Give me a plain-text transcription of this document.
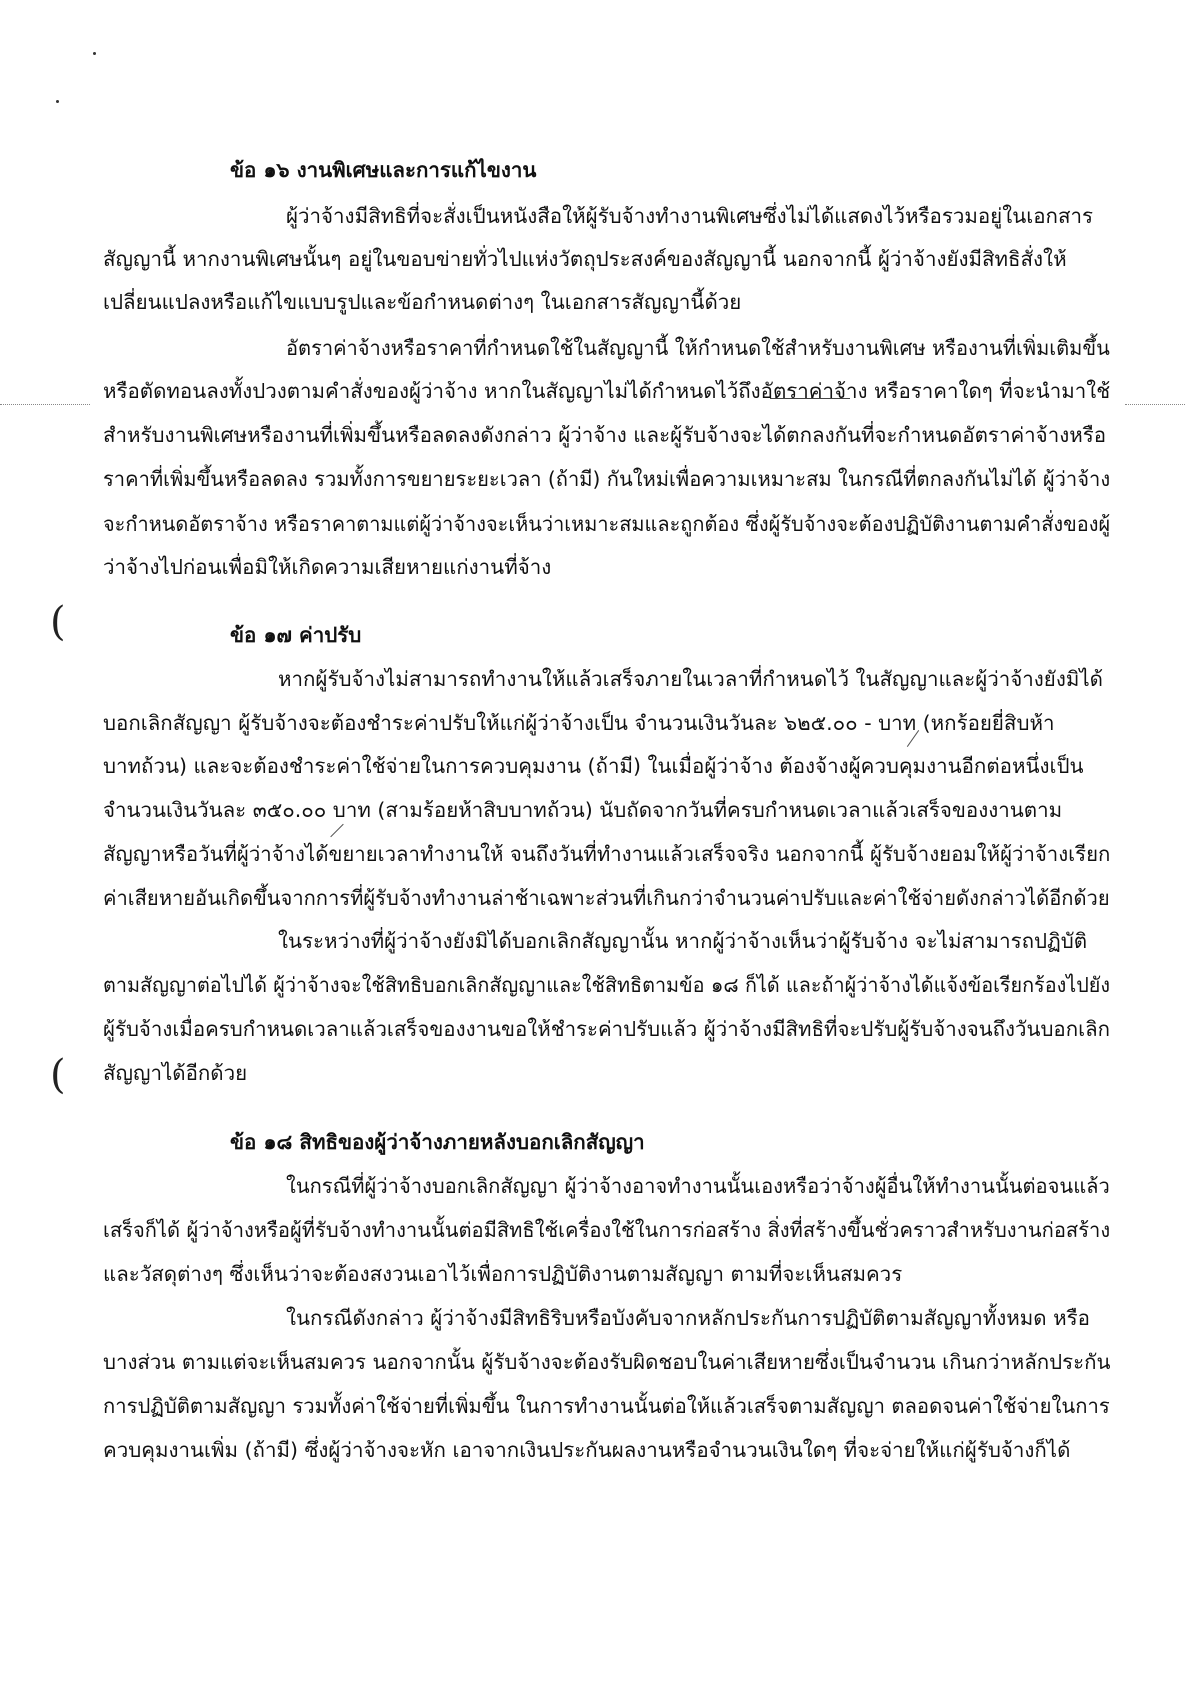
(
(
ข้อ ๑๖ งานพิเศษและการแก้ไขงาน
ผู้ว่าจ้างมีสิทธิที่จะสั่งเป็นหนังสือให้ผู้รับจ้างทำงานพิเศษซึ่งไม่ได้แสดงไว้หรือรวมอยู่ในเอกสาร
สัญญานี้ หากงานพิเศษนั้นๆ อยู่ในขอบข่ายทั่วไปแห่งวัตถุประสงค์ของสัญญานี้ นอกจากนี้ ผู้ว่าจ้างยังมีสิทธิสั่งให้
เปลี่ยนแปลงหรือแก้ไขแบบรูปและข้อกำหนดต่างๆ ในเอกสารสัญญานี้ด้วย
อัตราค่าจ้างหรือราคาที่กำหนดใช้ในสัญญานี้ ให้กำหนดใช้สำหรับงานพิเศษ หรืองานที่เพิ่มเติมขึ้น
หรือตัดทอนลงทั้งปวงตามคำสั่งของผู้ว่าจ้าง หากในสัญญาไม่ได้กำหนดไว้ถึงอัตราค่าจ้าง หรือราคาใดๆ ที่จะนำมาใช้
สำหรับงานพิเศษหรืองานที่เพิ่มขึ้นหรือลดลงดังกล่าว ผู้ว่าจ้าง และผู้รับจ้างจะได้ตกลงกันที่จะกำหนดอัตราค่าจ้างหรือ
ราคาที่เพิ่มขึ้นหรือลดลง รวมทั้งการขยายระยะเวลา (ถ้ามี) กันใหม่เพื่อความเหมาะสม ในกรณีที่ตกลงกันไม่ได้ ผู้ว่าจ้าง
จะกำหนดอัตราจ้าง หรือราคาตามแต่ผู้ว่าจ้างจะเห็นว่าเหมาะสมและถูกต้อง ซึ่งผู้รับจ้างจะต้องปฏิบัติงานตามคำสั่งของผู้
ว่าจ้างไปก่อนเพื่อมิให้เกิดความเสียหายแก่งานที่จ้าง
ข้อ ๑๗ ค่าปรับ
หากผู้รับจ้างไม่สามารถทำงานให้แล้วเสร็จภายในเวลาที่กำหนดไว้ ในสัญญาและผู้ว่าจ้างยังมิได้
บอกเลิกสัญญา ผู้รับจ้างจะต้องชำระค่าปรับให้แก่ผู้ว่าจ้างเป็น จำนวนเงินวันละ ๖๒๕.๐๐ - บาท (หกร้อยยี่สิบห้า
บาทถ้วน) และจะต้องชำระค่าใช้จ่ายในการควบคุมงาน (ถ้ามี) ในเมื่อผู้ว่าจ้าง ต้องจ้างผู้ควบคุมงานอีกต่อหนึ่งเป็น
จำนวนเงินวันละ ๓๕๐.๐๐ บาท (สามร้อยห้าสิบบาทถ้วน) นับถัดจากวันที่ครบกำหนดเวลาแล้วเสร็จของงานตาม
สัญญาหรือวันที่ผู้ว่าจ้างได้ขยายเวลาทำงานให้ จนถึงวันที่ทำงานแล้วเสร็จจริง นอกจากนี้ ผู้รับจ้างยอมให้ผู้ว่าจ้างเรียก
ค่าเสียหายอันเกิดขึ้นจากการที่ผู้รับจ้างทำงานล่าช้าเฉพาะส่วนที่เกินกว่าจำนวนค่าปรับและค่าใช้จ่ายดังกล่าวได้อีกด้วย
ในระหว่างที่ผู้ว่าจ้างยังมิได้บอกเลิกสัญญานั้น หากผู้ว่าจ้างเห็นว่าผู้รับจ้าง จะไม่สามารถปฏิบัติ
ตามสัญญาต่อไปได้ ผู้ว่าจ้างจะใช้สิทธิบอกเลิกสัญญาและใช้สิทธิตามข้อ ๑๘ ก็ได้ และถ้าผู้ว่าจ้างได้แจ้งข้อเรียกร้องไปยัง
ผู้รับจ้างเมื่อครบกำหนดเวลาแล้วเสร็จของงานขอให้ชำระค่าปรับแล้ว ผู้ว่าจ้างมีสิทธิที่จะปรับผู้รับจ้างจนถึงวันบอกเลิก
สัญญาได้อีกด้วย
ข้อ ๑๘ สิทธิของผู้ว่าจ้างภายหลังบอกเลิกสัญญา
ในกรณีที่ผู้ว่าจ้างบอกเลิกสัญญา ผู้ว่าจ้างอาจทำงานนั้นเองหรือว่าจ้างผู้อื่นให้ทำงานนั้นต่อจนแล้ว
เสร็จก็ได้ ผู้ว่าจ้างหรือผู้ที่รับจ้างทำงานนั้นต่อมีสิทธิใช้เครื่องใช้ในการก่อสร้าง สิ่งที่สร้างขึ้นชั่วคราวสำหรับงานก่อสร้าง
และวัสดุต่างๆ ซึ่งเห็นว่าจะต้องสงวนเอาไว้เพื่อการปฏิบัติงานตามสัญญา ตามที่จะเห็นสมควร
ในกรณีดังกล่าว ผู้ว่าจ้างมีสิทธิริบหรือบังคับจากหลักประกันการปฏิบัติตามสัญญาทั้งหมด หรือ
บางส่วน ตามแต่จะเห็นสมควร นอกจากนั้น ผู้รับจ้างจะต้องรับผิดชอบในค่าเสียหายซึ่งเป็นจำนวน เกินกว่าหลักประกัน
การปฏิบัติตามสัญญา รวมทั้งค่าใช้จ่ายที่เพิ่มขึ้น ในการทำงานนั้นต่อให้แล้วเสร็จตามสัญญา ตลอดจนค่าใช้จ่ายในการ
ควบคุมงานเพิ่ม (ถ้ามี) ซึ่งผู้ว่าจ้างจะหัก เอาจากเงินประกันผลงานหรือจำนวนเงินใดๆ ที่จะจ่ายให้แก่ผู้รับจ้างก็ได้
